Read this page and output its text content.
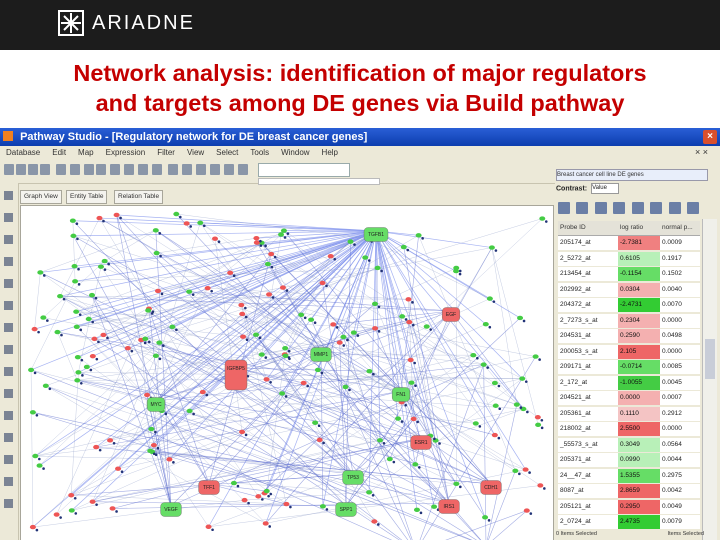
ARIADNE
Network analysis: identification of major regulators
and targets among DE genes via Build pathway
Pathway Studio - [Regulatory network for DE breast cancer genes]	×
Database Edit Map Expression Filter View Select Tools Window Help	× ×
Graph View	Entity Table	Relation Table
TGFB1
TP53
IGFBP5
ESR1
TFF1
IRS1
CDH1
SPP1
FN1
MMP1
EGF
VEGF
MYC
Breast cancer cell line DE genes
Contrast: Value

Probe ID	log ratio	normal p...
205174_at	-2.7381	0.0009
2_5272_at	0.6105	0.1917
213454_at	-0.1154	0.1502
202992_at	0.0304	0.0040
204372_at	-2.4731	0.0070
2_7273_s_at	0.2304	0.0000
204531_at	0.2590	0.0498
200053_s_at	2.105	0.0000
209171_at	-0.0714	0.0085
2_172_at	-1.0055	0.0045
204521_at	0.0000	0.0007
205361_at	0.1110	0.2912
218002_at	2.5500	0.0000
_55573_s_at	0.3049	0.0564
205371_at	0.0990	0.0044
24__47_at	1.5355	0.2975
8087_at	2.8659	0.0042
205121_at	0.2950	0.0049
2_0724_at	2.4735	0.0079
0 Items Selected	Items Selected
